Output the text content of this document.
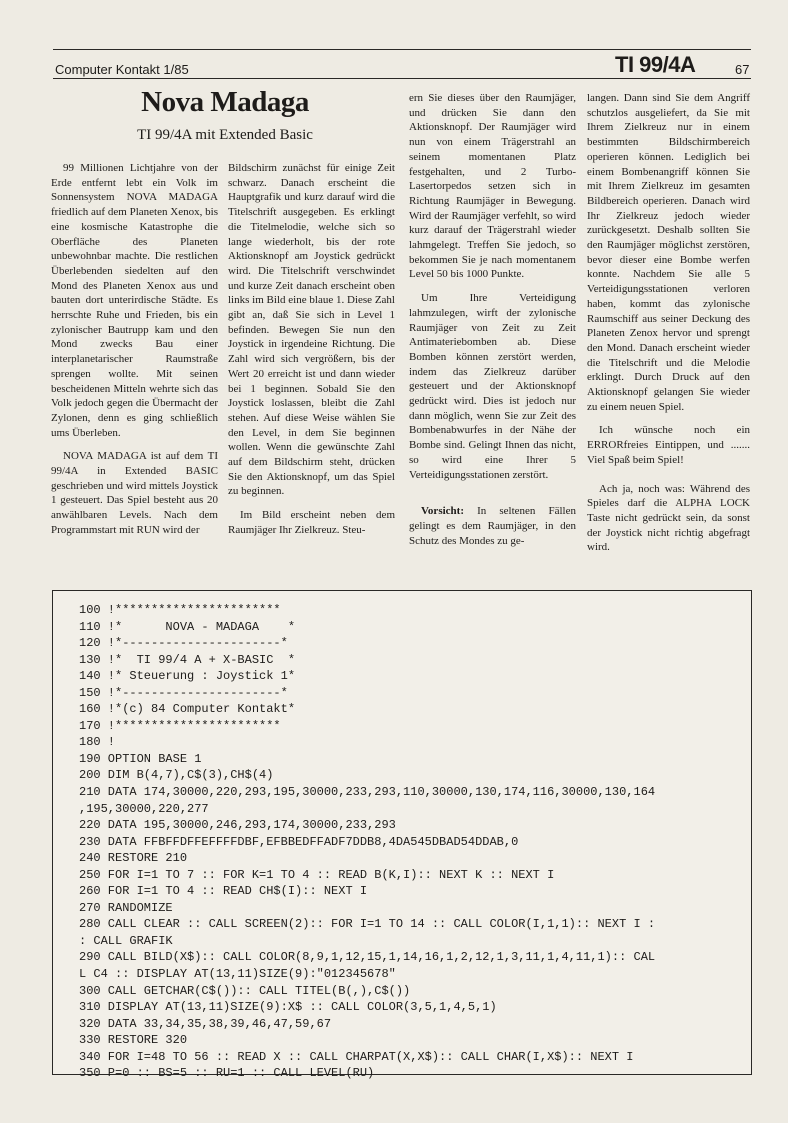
Computer Kontakt 1/85	TI 99/4A	67
Nova Madaga
TI 99/4A mit Extended Basic

99 Millionen Lichtjahre von der Erde entfernt lebt ein Volk im Sonnensystem NOVA MADAGA friedlich auf dem Planeten Xenox, bis eine kosmische Katastrophe die Oberfläche des Planeten unbewohnbar machte. Die restlichen Überlebenden siedelten auf den Mond des Planeten Xenox aus und bauten dort unterirdische Städte. Es herrschte Ruhe und Frieden, bis ein zylonischer Bautrupp kam und den Mond zwecks Bau einer interplanetarischer Raumstraße sprengen wollte. Mit seinen bescheidenen Mitteln wehrte sich das Volk jedoch gegen die Übermacht der Zylonen, denn es ging schließlich ums Überleben.

NOVA MADAGA ist auf dem TI 99/4A in Extended BASIC geschrieben und wird mittels Joystick 1 gesteuert. Das Spiel besteht aus 20 anwählbaren Levels. Nach dem Programmstart mit RUN wird der

Bildschirm zunächst für einige Zeit schwarz. Danach erscheint die Hauptgrafik und kurz darauf wird die Titelschrift ausgegeben. Es erklingt die Titelmelodie, welche sich so lange wiederholt, bis der rote Aktionsknopf am Joystick gedrückt wird. Die Titelschrift verschwindet und kurze Zeit danach erscheint oben links im Bild eine blaue 1. Diese Zahl gibt an, daß Sie sich in Level 1 befinden. Bewegen Sie nun den Joystick in irgendeine Richtung. Die Zahl wird sich vergrößern, bis der Wert 20 erreicht ist und dann wieder bei 1 beginnen. Sobald Sie den Joystick loslassen, bleibt die Zahl stehen. Auf diese Weise wählen Sie den Level, in dem Sie beginnen wollen. Wenn die gewünschte Zahl auf dem Bildschirm steht, drücken Sie den Aktionsknopf, um das Spiel zu beginnen.

Im Bild erscheint neben dem Raumjäger Ihr Zielkreuz. Steu-

ern Sie dieses über den Raumjäger, und drücken Sie dann den Aktionsknopf. Der Raumjäger wird nun von einem Trägerstrahl an seinem momentanen Platz festgehalten, und 2 Turbo-Lasertorpedos setzen sich in Richtung Raumjäger in Bewegung. Wird der Raumjäger verfehlt, so wird kurz darauf der Trägerstrahl wieder lahmgelegt. Treffen Sie jedoch, so bekommen Sie je nach momentanem Level 50 bis 1000 Punkte.

Um Ihre Verteidigung lahmzulegen, wirft der zylonische Raumjäger von Zeit zu Zeit Antimateriebomben ab. Diese Bomben können zerstört werden, indem das Zielkreuz darüber gesteuert und der Aktionsknopf gedrückt wird. Dies ist jedoch nur dann möglich, wenn Sie zur Zeit des Bombenabwurfes in der Nähe der Bombe sind. Gelingt Ihnen das nicht, so wird eine Ihrer 5 Verteidigungsstationen zerstört.

Vorsicht: In seltenen Fällen gelingt es dem Raumjäger, in den Schutz des Mondes zu ge-

langen. Dann sind Sie dem Angriff schutzlos ausgeliefert, da Sie mit Ihrem Zielkreuz nur in einem bestimmten Bildschirmbereich operieren können. Lediglich bei einem Bombenangriff können Sie mit Ihrem Zielkreuz im gesamten Bildbereich operieren. Danach wird Ihr Zielkreuz jedoch wieder zurückgesetzt. Deshalb sollten Sie den Raumjäger möglichst zerstören, bevor dieser eine Bombe werfen konnte. Nachdem Sie alle 5 Verteidigungsstationen verloren haben, kommt das zylonische Raumschiff aus seiner Deckung des Planeten Zenox hervor und sprengt den Mond. Danach erscheint wieder die Titelschrift und die Melodie erklingt. Durch Druck auf den Aktionsknopf gelangen Sie wieder zu einem neuen Spiel.

Ich wünsche noch ein ERRORfreies Eintippen, und ....... Viel Spaß beim Spiel!

Ach ja, noch was: Während des Spieles darf die ALPHA LOCK Taste nicht gedrückt sein, da sonst der Joystick nicht richtig abgefragt wird.

100 !***********************
110 !*      NOVA - MADAGA    *
120 !*----------------------*
130 !*  TI 99/4 A + X-BASIC  *
140 !* Steuerung : Joystick 1*
150 !*----------------------*
160 !*(c) 84 Computer Kontakt*
170 !***********************
180 !
190 OPTION BASE 1
200 DIM B(4,7),C$(3),CH$(4)
210 DATA 174,30000,220,293,195,30000,233,293,110,30000,130,174,116,30000,130,164
,195,30000,220,277
220 DATA 195,30000,246,293,174,30000,233,293
230 DATA FFBFFDFFEFFFFDBF,EFBBEDFFADF7DDB8,4DA545DBAD54DDAB,0
240 RESTORE 210
250 FOR I=1 TO 7 :: FOR K=1 TO 4 :: READ B(K,I):: NEXT K :: NEXT I
260 FOR I=1 TO 4 :: READ CH$(I):: NEXT I
270 RANDOMIZE
280 CALL CLEAR :: CALL SCREEN(2):: FOR I=1 TO 14 :: CALL COLOR(I,1,1):: NEXT I :
: CALL GRAFIK
290 CALL BILD(X$):: CALL COLOR(8,9,1,12,15,1,14,16,1,2,12,1,3,11,1,4,11,1):: CAL
L C4 :: DISPLAY AT(13,11)SIZE(9):"012345678"
300 CALL GETCHAR(C$()):: CALL TITEL(B(,),C$())
310 DISPLAY AT(13,11)SIZE(9):X$ :: CALL COLOR(3,5,1,4,5,1)
320 DATA 33,34,35,38,39,46,47,59,67
330 RESTORE 320
340 FOR I=48 TO 56 :: READ X :: CALL CHARPAT(X,X$):: CALL CHAR(I,X$):: NEXT I
350 P=0 :: BS=5 :: RU=1 :: CALL LEVEL(RU)
